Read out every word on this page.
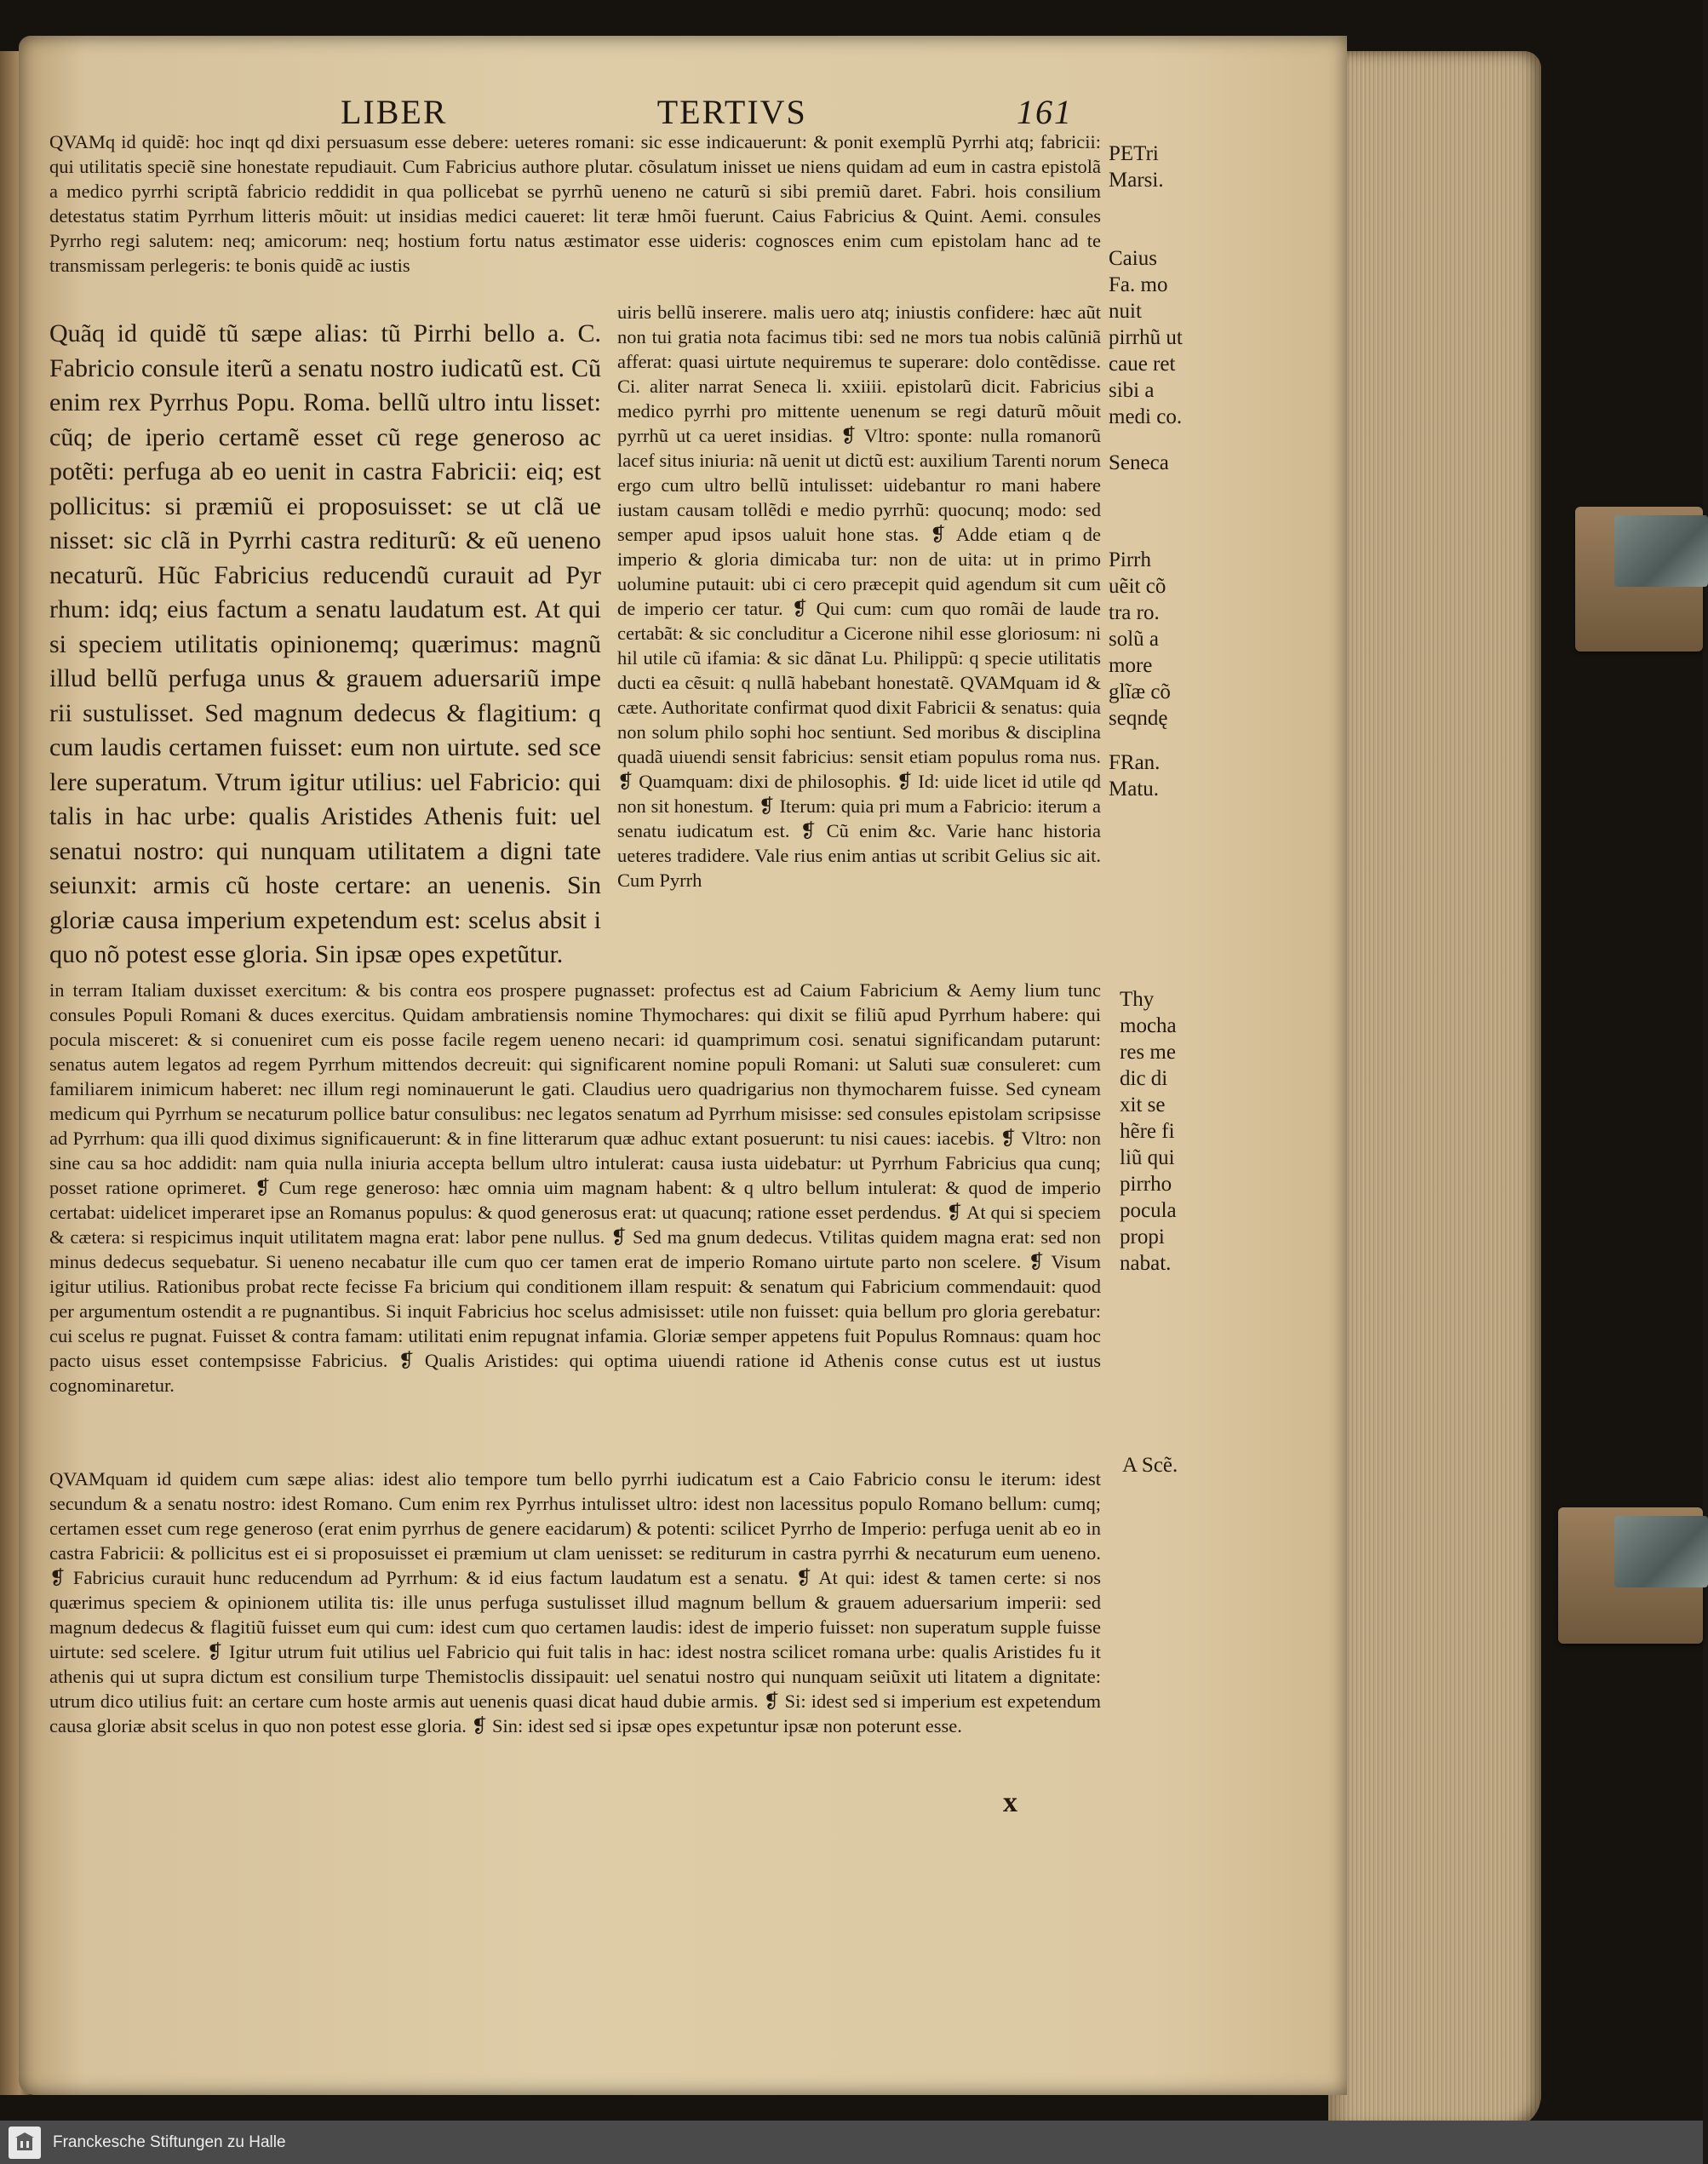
LIBER	TERTIVS	161
QVAMq id quidẽ: hoc inqt qd dixi persuasum esse debere: ueteres romani: sic esse indicauerunt: & ponit exemplũ Pyrrhi atq; fabricii: qui utilitatis speciẽ sine honestate repudiauit. Cum Fabricius authore plutar. cõsulatum inisset ue niens quidam ad eum in castra epistolã a medico pyrrhi scriptã fabricio reddidit in qua pollicebat se pyrrhũ ueneno ne caturũ si sibi premiũ daret. Fabri. hois consilium detestatus statim Pyrrhum litteris mõuit: ut insidias medici caueret: lit teræ hmõi fuerunt. Caius Fabricius & Quint. Aemi. consules Pyrrho regi salutem: neq; amicorum: neq; hostium fortu natus æstimator esse uideris: cognosces enim cum epistolam hanc ad te transmissam perlegeris: te bonis quidẽ ac iustis
Quãq id quidẽ tũ sæpe alias: tũ Pirrhi bello a. C. Fabricio consule iterũ a senatu nostro iudicatũ est. Cũ enim rex Pyrrhus Popu. Roma. bellũ ultro intu lisset: cũq; de iperio certamẽ esset cũ rege generoso ac potẽti: perfuga ab eo uenit in castra Fabricii: eiq; est pollicitus: si præmiũ ei proposuisset: se ut clã ue nisset: sic clã in Pyrrhi castra rediturũ: & eũ ueneno necaturũ. Hũc Fabricius reducendũ curauit ad Pyr rhum: idq; eius factum a senatu laudatum est. At qui si speciem utilitatis opinionemq; quærimus: magnũ illud bellũ perfuga unus & grauem aduersariũ impe rii sustulisset. Sed magnum dedecus & flagitium: q cum laudis certamen fuisset: eum non uirtute. sed sce lere superatum. Vtrum igitur utilius: uel Fabricio: qui talis in hac urbe: qualis Aristides Athenis fuit: uel senatui nostro: qui nunquam utilitatem a digni tate seiunxit: armis cũ hoste certare: an uenenis. Sin gloriæ causa imperium expetendum est: scelus absit i quo nõ potest esse gloria. Sin ipsæ opes expetũtur.
uiris bellũ inserere. malis uero atq; iniustis confidere: hæc aũt non tui gratia nota facimus tibi: sed ne mors tua nobis calũniã afferat: quasi uirtute nequiremus te superare: dolo contẽdisse. Ci. aliter narrat Seneca li. xxiiii. epistolarũ dicit. Fabricius medico pyrrhi pro mittente uenenum se regi daturũ mõuit pyrrhũ ut ca ueret insidias. ❡ Vltro: sponte: nulla romanorũ lacef situs iniuria: nã uenit ut dictũ est: auxilium Tarenti norum ergo cum ultro bellũ intulisset: uidebantur ro mani habere iustam causam tollẽdi e medio pyrrhũ: quocunq; modo: sed semper apud ipsos ualuit hone stas. ❡ Adde etiam q de imperio & gloria dimicaba tur: non de uita: ut in primo uolumine putauit: ubi ci cero præcepit quid agendum sit cum de imperio cer tatur. ❡ Qui cum: cum quo romãi de laude certabãt: & sic concluditur a Cicerone nihil esse gloriosum: ni hil utile cũ ifamia: & sic dãnat Lu. Philippũ: q specie utilitatis ducti ea cẽsuit: q nullã habebant honestatẽ. QVAMquam id & cæte. Authoritate confirmat quod dixit Fabricii & senatus: quia non solum philo sophi hoc sentiunt. Sed moribus & disciplina quadã uiuendi sensit fabricius: sensit etiam populus roma nus. ❡ Quamquam: dixi de philosophis. ❡ Id: uide licet id utile qd non sit honestum. ❡ Iterum: quia pri mum a Fabricio: iterum a senatu iudicatum est. ❡ Cũ enim &c. Varie hanc historia ueteres tradidere. Vale rius enim antias ut scribit Gelius sic ait. Cum Pyrrh
in terram Italiam duxisset exercitum: & bis contra eos prospere pugnasset: profectus est ad Caium Fabricium & Aemy lium tunc consules Populi Romani & duces exercitus. Quidam ambratiensis nomine Thymochares: qui dixit se filiũ apud Pyrrhum habere: qui pocula misceret: & si conueniret cum eis posse facile regem ueneno necari: id quamprimum cosi. senatui significandam putarunt: senatus autem legatos ad regem Pyrrhum mittendos decreuit: qui significarent nomine populi Romani: ut Saluti suæ consuleret: cum familiarem inimicum haberet: nec illum regi nominauerunt le gati. Claudius uero quadrigarius non thymocharem fuisse. Sed cyneam medicum qui Pyrrhum se necaturum pollice batur consulibus: nec legatos senatum ad Pyrrhum misisse: sed consules epistolam scripsisse ad Pyrrhum: qua illi quod diximus significauerunt: & in fine litterarum quæ adhuc extant posuerunt: tu nisi caues: iacebis. ❡ Vltro: non sine cau sa hoc addidit: nam quia nulla iniuria accepta bellum ultro intulerat: causa iusta uidebatur: ut Pyrrhum Fabricius qua cunq; posset ratione oprimeret. ❡ Cum rege generoso: hæc omnia uim magnam habent: & q ultro bellum intulerat: & quod de imperio certabat: uidelicet imperaret ipse an Romanus populus: & quod generosus erat: ut quacunq; ratione esset perdendus. ❡ At qui si speciem & cætera: si respicimus inquit utilitatem magna erat: labor pene nullus. ❡ Sed ma gnum dedecus. Vtilitas quidem magna erat: sed non minus dedecus sequebatur. Si ueneno necabatur ille cum quo cer tamen erat de imperio Romano uirtute parto non scelere. ❡ Visum igitur utilius. Rationibus probat recte fecisse Fa bricium qui conditionem illam respuit: & senatum qui Fabricium commendauit: quod per argumentum ostendit a re pugnantibus. Si inquit Fabricius hoc scelus admisisset: utile non fuisset: quia bellum pro gloria gerebatur: cui scelus re pugnat. Fuisset & contra famam: utilitati enim repugnat infamia. Gloriæ semper appetens fuit Populus Romnaus: quam hoc pacto uisus esset contempsisse Fabricius. ❡ Qualis Aristides: qui optima uiuendi ratione id Athenis conse cutus est ut iustus cognominaretur.
QVAMquam id quidem cum sæpe alias: idest alio tempore tum bello pyrrhi iudicatum est a Caio Fabricio consu le iterum: idest secundum & a senatu nostro: idest Romano. Cum enim rex Pyrrhus intulisset ultro: idest non lacessitus populo Romano bellum: cumq; certamen esset cum rege generoso (erat enim pyrrhus de genere eacidarum) & potenti: scilicet Pyrrho de Imperio: perfuga uenit ab eo in castra Fabricii: & pollicitus est ei si proposuisset ei præmium ut clam uenisset: se rediturum in castra pyrrhi & necaturum eum ueneno. ❡ Fabricius curauit hunc reducendum ad Pyrrhum: & id eius factum laudatum est a senatu. ❡ At qui: idest & tamen certe: si nos quærimus speciem & opinionem utilita tis: ille unus perfuga sustulisset illud magnum bellum & grauem aduersarium imperii: sed magnum dedecus & flagitiũ fuisset eum qui cum: idest cum quo certamen laudis: idest de imperio fuisset: non superatum supple fuisse uirtute: sed scelere. ❡ Igitur utrum fuit utilius uel Fabricio qui fuit talis in hac: idest nostra scilicet romana urbe: qualis Aristides fu it athenis qui ut supra dictum est consilium turpe Themistoclis dissipauit: uel senatui nostro qui nunquam seiũxit uti litatem a dignitate: utrum dico utilius fuit: an certare cum hoste armis aut uenenis quasi dicat haud dubie armis. ❡ Si: idest sed si imperium est expetendum causa gloriæ absit scelus in quo non potest esse gloria. ❡ Sin: idest sed si ipsæ opes expetuntur ipsæ non poterunt esse.
PETri Marsi.
Caius Fa. mo nuit pirrhũ ut caue ret sibi a medi co.
Seneca
Pirrh uẽit cõ tra ro. solũ a more glĩæ cõ seqndę
FRan. Matu.
Thy mocha res me dic di xit se hẽre fi liũ qui pirrho pocula propi nabat.
A Scẽ.
x
Franckesche Stiftungen zu Halle
